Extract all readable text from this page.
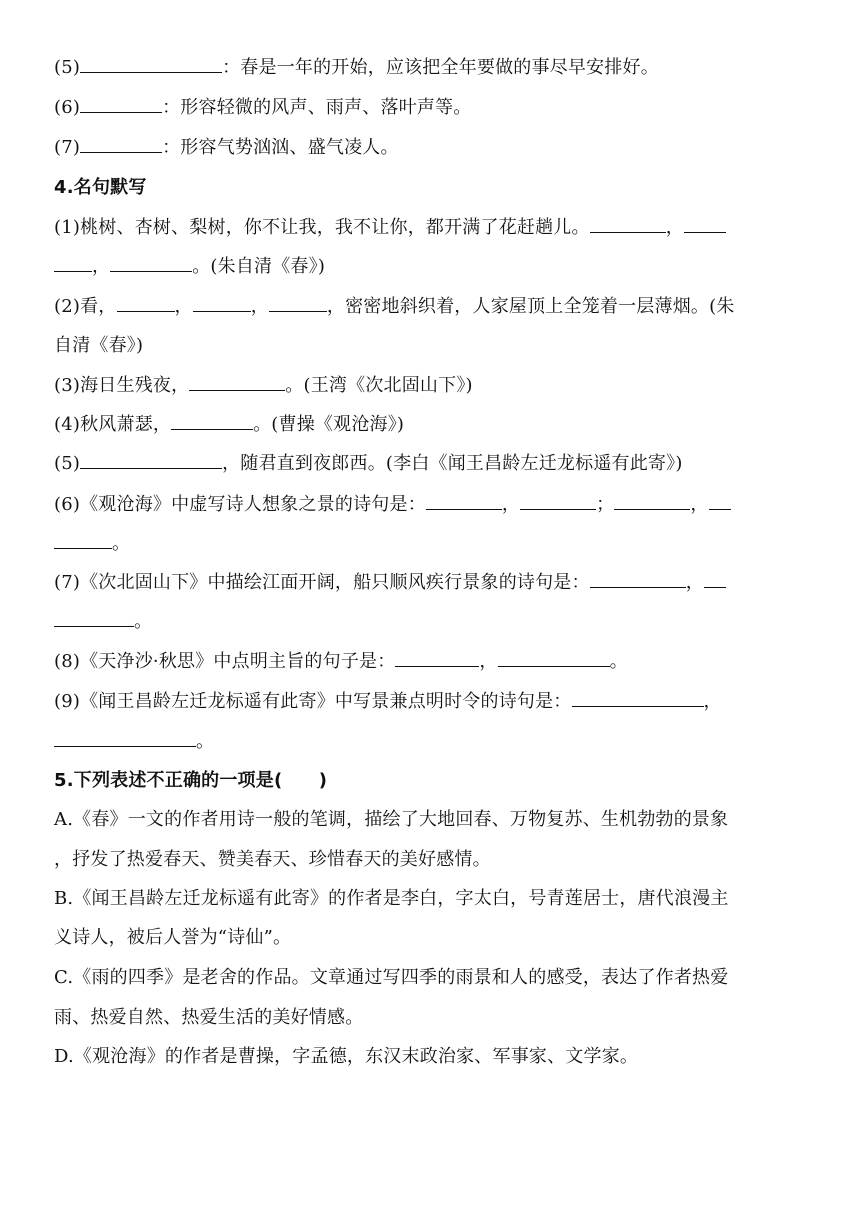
(5)	：春是一年的开始，应该把全年要做的事尽早安排好。
(6)	：形容轻微的风声、雨声、落叶声等。
(7)	：形容气势汹汹、盛气凌人。
4.名句默写
(1)桃树、杏树、梨树，你不让我，我不让你，都开满了花赶趟儿。	，
，	。(朱自清《春》)
(2)看，	，	，	，密密地斜织着，人家屋顶上全笼着一层薄烟。(朱
自清《春》)
(3)海日生残夜，	。(王湾《次北固山下》)
(4)秋风萧瑟，	。(曹操《观沧海》)
(5)	，随君直到夜郎西。(李白《闻王昌龄左迁龙标遥有此寄》)
(6)《观沧海》中虚写诗人想象之景的诗句是：	，	；	，
。
(7)《次北固山下》中描绘江面开阔，船只顺风疾行景象的诗句是：	，
。
(8)《天净沙·秋思》中点明主旨的句子是：	，	。
(9)《闻王昌龄左迁龙标遥有此寄》中写景兼点明时令的诗句是：	，
。
5.下列表述不正确的一项是(　　)
A.《春》一文的作者用诗一般的笔调，描绘了大地回春、万物复苏、生机勃勃的景象
，抒发了热爱春天、赞美春天、珍惜春天的美好感情。
B.《闻王昌龄左迁龙标遥有此寄》的作者是李白，字太白，号青莲居士，唐代浪漫主
义诗人，被后人誉为“诗仙”。
C.《雨的四季》是老舍的作品。文章通过写四季的雨景和人的感受，表达了作者热爱
雨、热爱自然、热爱生活的美好情感。
D.《观沧海》的作者是曹操，字孟德，东汉末政治家、军事家、文学家。
